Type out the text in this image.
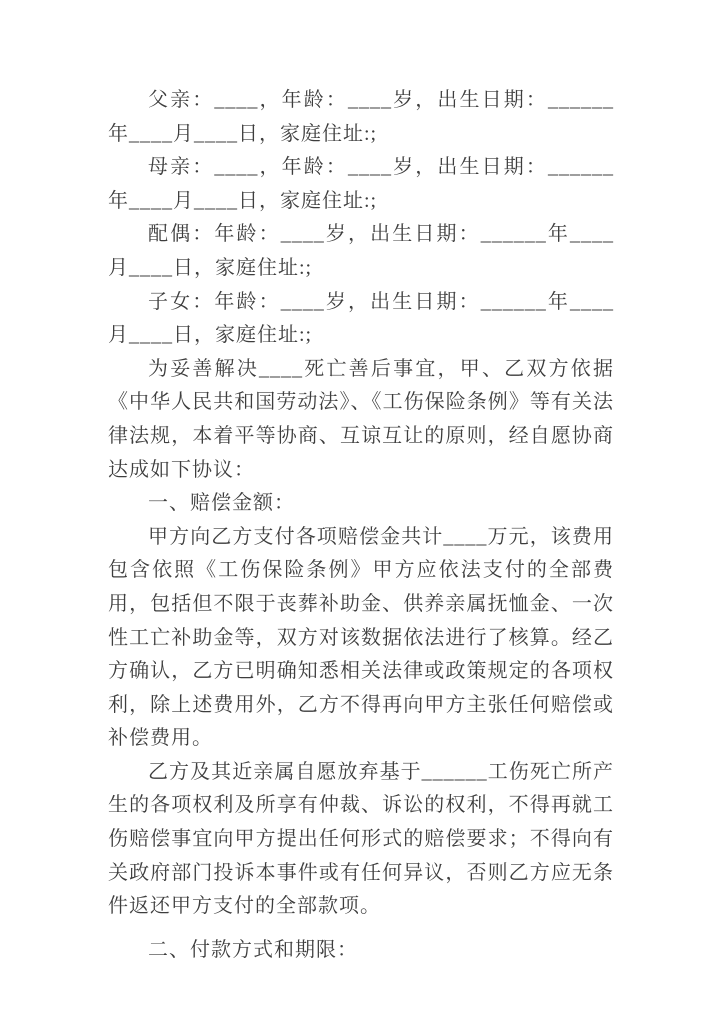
父亲：____，年龄：____岁，出生日期：______年____月____日，家庭住址:;

母亲：____，年龄：____岁，出生日期：______年____月____日，家庭住址:;

配偶：年龄：____岁，出生日期：______年____月____日，家庭住址:;

子女：年龄：____岁，出生日期：______年____月____日，家庭住址:;

为妥善解决____死亡善后事宜，甲、乙双方依据《中华人民共和国劳动法》、《工伤保险条例》等有关法律法规，本着平等协商、互谅互让的原则，经自愿协商达成如下协议：

一、赔偿金额：

甲方向乙方支付各项赔偿金共计____万元，该费用包含依照《工伤保险条例》甲方应依法支付的全部费用，包括但不限于丧葬补助金、供养亲属抚恤金、一次性工亡补助金等，双方对该数据依法进行了核算。经乙方确认，乙方已明确知悉相关法律或政策规定的各项权利，除上述费用外，乙方不得再向甲方主张任何赔偿或补偿费用。

乙方及其近亲属自愿放弃基于______工伤死亡所产生的各项权利及所享有仲裁、诉讼的权利，不得再就工伤赔偿事宜向甲方提出任何形式的赔偿要求；不得向有关政府部门投诉本事件或有任何异议，否则乙方应无条件返还甲方支付的全部款项。

二、付款方式和期限：
